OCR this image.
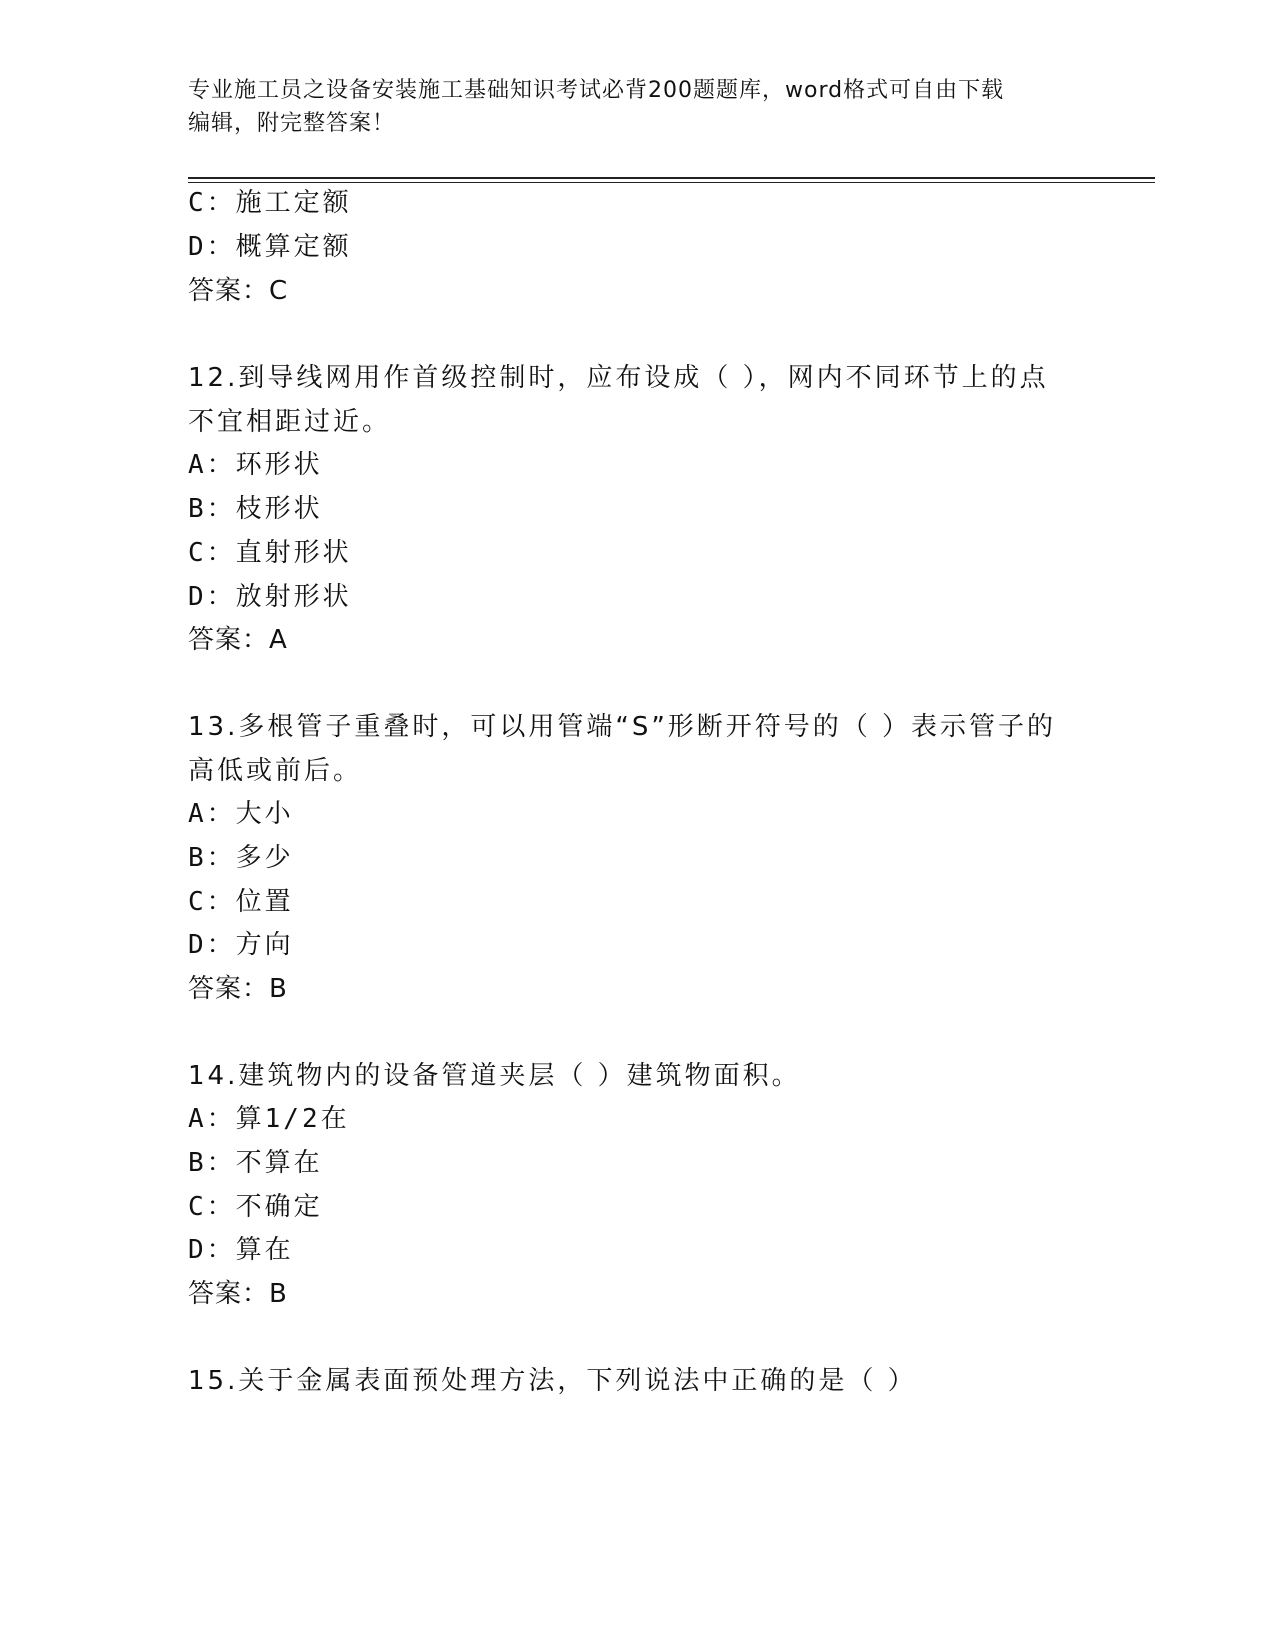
专业施工员之设备安装施工基础知识考试必背200题题库，word格式可自由下载
编辑，附完整答案！
C：施工定额
D：概算定额
答案：C
12.到导线网用作首级控制时，应布设成（ ），网内不同环节上的点
不宜相距过近。
A：环形状
B：枝形状
C：直射形状
D：放射形状
答案：A
13.多根管子重叠时，可以用管端“S”形断开符号的（ ）表示管子的
高低或前后。
A：大小
B：多少
C：位置
D：方向
答案：B
14.建筑物内的设备管道夹层（ ）建筑物面积。
A：算1/2在
B：不算在
C：不确定
D：算在
答案：B
15.关于金属表面预处理方法，下列说法中正确的是（ ）
